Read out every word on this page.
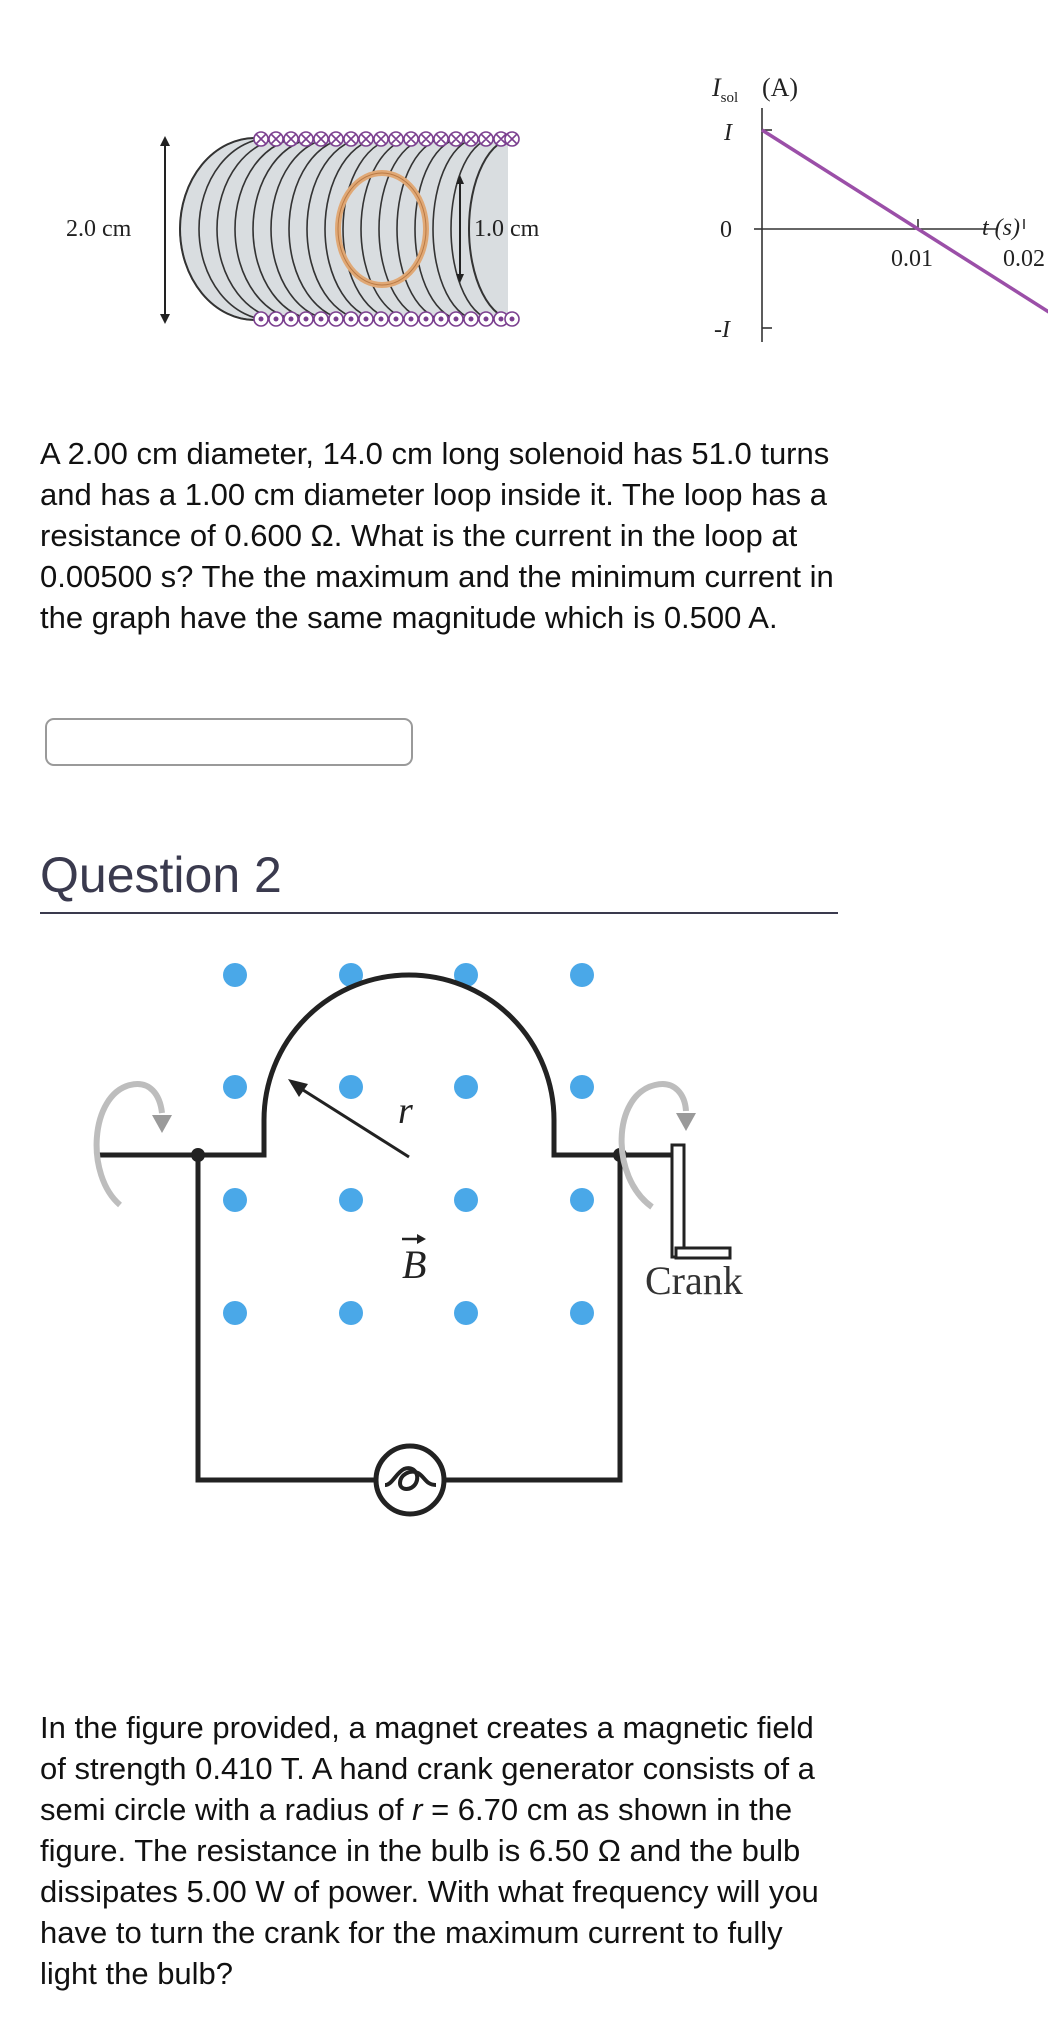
2.0 cm	1.0 cm
$I_{sol}$ (A)
I
0
-I
0.01	0.02
t (s)

A 2.00 cm diameter, 14.0 cm long solenoid has 51.0 turns and has a 1.00 cm diameter loop inside it. The loop has a resistance of 0.600 Ω. What is the current in the loop at 0.00500 s? The the maximum and the minimum current in the graph have the same magnitude which is 0.500 A.

Question 2
Crank
r
B

In the figure provided, a magnet creates a magnetic field of strength 0.410 T. A hand crank generator consists of a semi circle with a radius of r = 6.70 cm as shown in the figure. The resistance in the bulb is 6.50 Ω and the bulb dissipates 5.00 W of power. With what frequency will you have to turn the crank for the maximum current to fully light the bulb?
